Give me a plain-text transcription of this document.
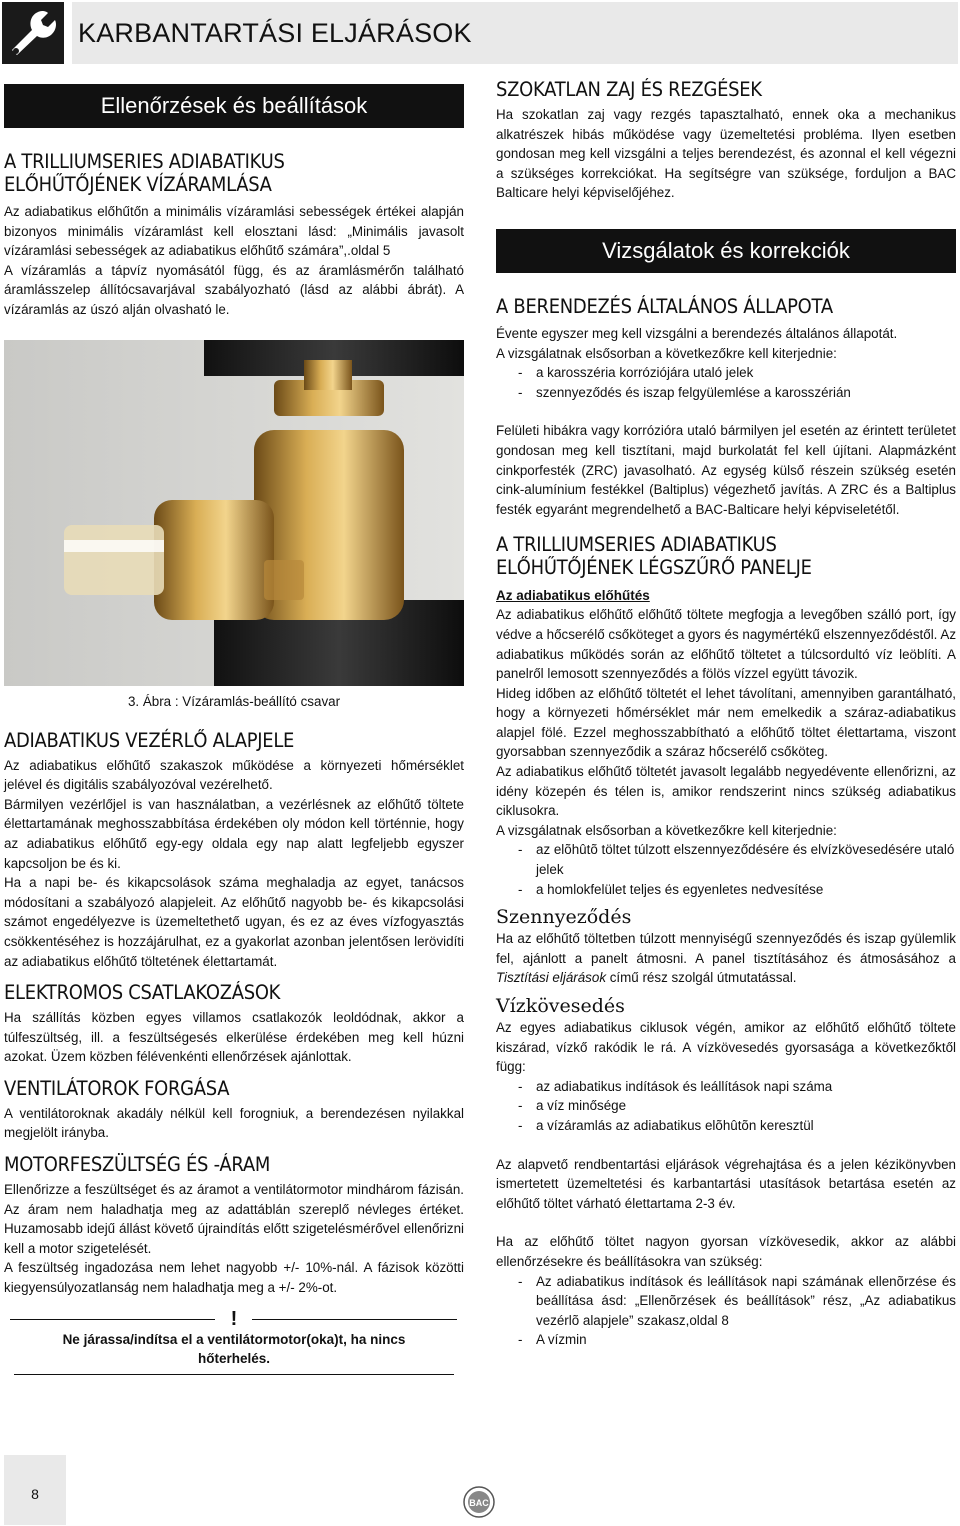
KARBANTARTÁSI ELJÁRÁSOK
Ellenőrzések és beállítások
A TRILLIUMSERIES ADIABATIKUS
ELŐHŰTŐJÉNEK VÍZÁRAMLÁSA

Az adiabatikus előhűtőn a minimális vízáramlási sebességek értékei alapján bizonyos minimális vízáramlást kell elosztani lásd: „Minimális javasolt vízáramlási sebességek az adiabatikus előhűtő számára”,.oldal 5

A vízáramlás a tápvíz nyomásától függ, és az áramlásmérőn található áramlásszelep állítócsavarjával szabályozható (lásd az alábbi ábrát). A vízáramlás az úszó alján olvasható le.

3. Ábra : Vízáramlás-beállító csavar
ADIABATIKUS VEZÉRLŐ ALAPJELE

Az adiabatikus előhűtő szakaszok működése a környezeti hőmérséklet jelével és digitális szabályozóval vezérelhető.

Bármilyen vezérlőjel is van használatban, a vezérlésnek az előhűtő töltete élettartamának meghosszabbítása érdekében oly módon kell történnie, hogy az adiabatikus előhűtő egy-egy oldala egy nap alatt legfeljebb egyszer kapcsoljon be és ki.

Ha a napi be- és kikapcsolások száma meghaladja az egyet, tanácsos módosítani a szabályozó alapjeleit. Az előhűtő nagyobb be- és kikapcsolási számot engedélyezve is üzemeltethető ugyan, és ez az éves vízfogyasztás csökkentéséhez is hozzájárulhat, ez a gyakorlat azonban jelentősen lerövidíti az adiabatikus előhűtő töltetének élettartamát.

ELEKTROMOS CSATLAKOZÁSOK

Ha szállítás közben egyes villamos csatlakozók leoldódnak, akkor a túlfeszültség, ill. a feszültségesés elkerülése érdekében meg kell húzni azokat. Üzem közben félévenkénti ellenőrzések ajánlottak.

VENTILÁTOROK FORGÁSA

A ventilátoroknak akadály nélkül kell forogniuk, a berendezésen nyilakkal megjelölt irányba.

MOTORFESZÜLTSÉG ÉS -ÁRAM

Ellenőrizze a feszültséget és az áramot a ventilátormotor mindhárom fázisán. Az áram nem haladhatja meg az adattáblán szereplő névleges értéket. Huzamosabb idejű állást követő újraindítás előtt szigetelésmérővel ellenőrizni kell a motor szigetelését.

A feszültség ingadozása nem lehet nagyobb +/- 10%-nál. A fázisok közötti kiegyensúlyozatlanság nem haladhatja meg a +/- 2%-ot.

!
Ne járassa/indítsa el a ventilátormotor(oka)t, ha nincs hőterhelés.
SZOKATLAN ZAJ ÉS REZGÉSEK

Ha szokatlan zaj vagy rezgés tapasztalható, ennek oka a mechanikus alkatrészek hibás működése vagy üzemeltetési probléma. Ilyen esetben gondosan meg kell vizsgálni a teljes berendezést, és azonnal el kell végezni a szükséges korrekciókat. Ha segítségre van szüksége, forduljon a BAC Balticare helyi képviselőjéhez.

Vizsgálatok és korrekciók
A BERENDEZÉS ÁLTALÁNOS ÁLLAPOTA

Évente egyszer meg kell vizsgálni a berendezés általános állapotát.

A vizsgálatnak elsősorban a következőkre kell kiterjednie:

- a karosszéria korróziójára utaló jelek
- szennyeződés és iszap felgyülemlése a karosszérián

Felületi hibákra vagy korrózióra utaló bármilyen jel esetén az érintett területet gondosan meg kell tisztítani, majd burkolatát fel kell újítani. Alapmázként cinkporfesték (ZRC) javasolható. Az egység külső részein szükség esetén cink-alumínium festékkel (Baltiplus) végezhető javítás. A ZRC és a Baltiplus festék egyaránt megrendelhető a BAC-Balticare helyi képviseletétől.

A TRILLIUMSERIES ADIABATIKUS
ELŐHŰTŐJÉNEK LÉGSZŰRŐ PANELJE
Az adiabatikus előhűtés

Az adiabatikus előhűtő előhűtő töltete megfogja a levegőben szálló port, így védve a hőcserélő csőköteget a gyors és nagymértékű elszennyeződéstől. Az adiabatikus működés során az előhűtő töltetet a túlcsordultó víz leöblíti. A panelről lemosott szennyeződés a fölös vízzel együtt távozik.

Hideg időben az előhűtő töltetét el lehet távolítani, amennyiben garantálható, hogy a környezeti hőmérséklet már nem emelkedik a száraz-adiabatikus alapjel fölé. Ezzel meghosszabbítható a előhűtő töltet élettartama, viszont gyorsabban szennyeződik a száraz hőcserélő csőköteg.

Az adiabatikus előhűtő töltetét javasolt legalább negyedévente ellenőrizni, az idény közepén és télen is, amikor rendszerint nincs szükség adiabatikus ciklusokra.

A vizsgálatnak elsősorban a következőkre kell kiterjednie:

- az elõhûtõ töltet túlzott elszennyeződésére és elvízkövesedésére utaló jelek
- a homlokfelület teljes és egyenletes nedvesítése
Szennyeződés

Ha az előhűtő töltetben túlzott mennyiségű szennyeződés és iszap gyülemlik fel, ajánlott a panelt átmosni. A panel tisztításához és átmosásához a Tisztítási eljárások című rész szolgál útmutatással.

Vízkövesedés

Az egyes adiabatikus ciklusok végén, amikor az előhűtő előhűtő töltete kiszárad, vízkő rakódik le rá. A vízkövesedés gyorsasága a következőktől függ:

- az adiabatikus indítások és leállítások napi száma
- a víz minősége
- a vízáramlás az adiabatikus elõhûtõn keresztül

Az alapvető rendbentartási eljárások végrehajtása és a jelen kézikönyvben ismertetett üzemeltetési és karbantartási utasítások betartása esetén az előhűtő töltet várható élettartama 2-3 év.

Ha az előhűtő töltet nagyon gyorsan vízkövesedik, akkor az alábbi ellenőrzésekre és beállításokra van szükség:

- Az adiabatikus indítások és leállítások napi számának ellenõrzése és beállítása ásd: „Ellenõrzések és beállítások” rész, „Az adiabatikus vezérlõ alapjele” szakasz,oldal 8
- A vízmin
8
BAC
